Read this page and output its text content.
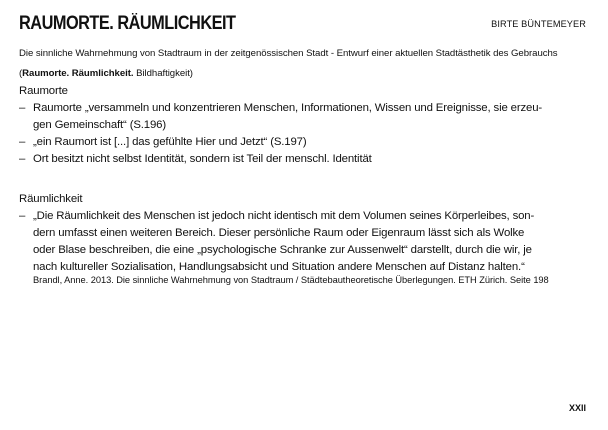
RAUMORTE. RÄUMLICHKEIT	BIRTE BÜNTEMEYER
Die sinnliche Wahrnehmung von Stadtraum in der zeitgenössischen Stadt - Entwurf einer aktuellen Stadtästhetik des Gebrauchs
(Raumorte. Räumlichkeit. Bildhaftigkeit)

Raumorte

– Raumorte „versammeln und konzentrieren Menschen, Informationen, Wissen und Ereignisse, sie erzeu-
gen Gemeinschaft“ (S.196)
– „ein Raumort ist [...] das gefühlte Hier und Jetzt“ (S.197)
– Ort besitzt nicht selbst Identität, sondern ist Teil der menschl. Identität

Räumlichkeit

– „Die Räumlichkeit des Menschen ist jedoch nicht identisch mit dem Volumen seines Körperleibes, son-
dern umfasst einen weiteren Bereich. Dieser persönliche Raum oder Eigenraum lässt sich als Wolke
oder Blase beschreiben, die eine „psychologische Schranke zur Aussenwelt“ darstellt, durch die wir, je
nach kultureller Sozialisation, Handlungsabsicht und Situation andere Menschen auf Distanz halten.“
Brandl, Anne. 2013. Die sinnliche Wahrnehmung von Stadtraum / Städtebautheoretische Überlegungen. ETH Zürich. Seite 198
XXII
